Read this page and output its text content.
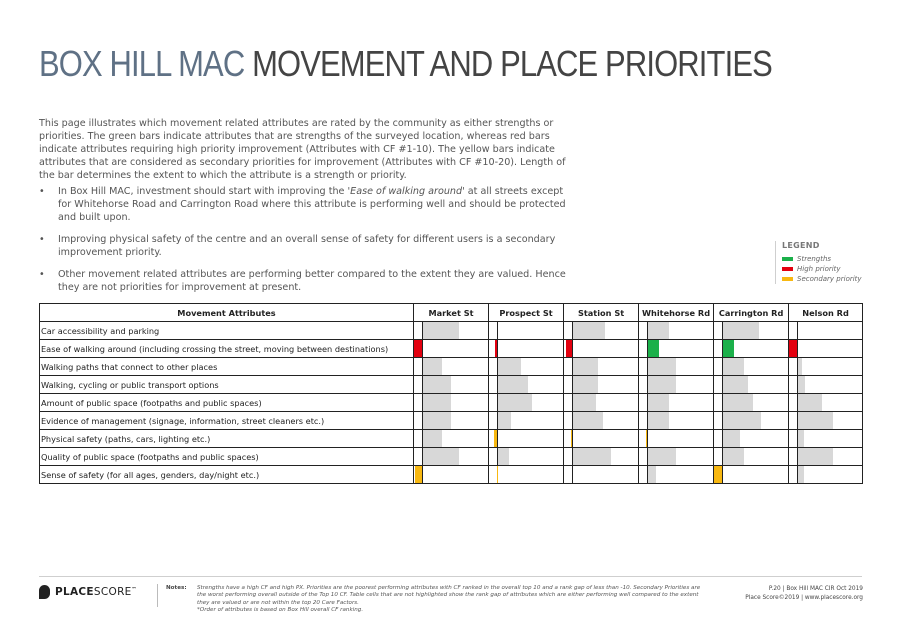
BOX HILL MAC MOVEMENT AND PLACE PRIORITIES

This page illustrates which movement related attributes are rated by the community as either strengths or priorities. The green bars indicate attributes that are strengths of the surveyed location, whereas red bars indicate attributes requiring high priority improvement (Attributes with CF #1-10). The yellow bars indicate attributes that are considered as secondary priorities for improvement (Attributes with CF #10-20). Length of the bar determines the extent to which the attribute is a strength or priority.

• In Box Hill MAC, investment should start with improving the 'Ease of walking around' at all streets except for Whitehorse Road and Carrington Road where this attribute is performing well and should be protected and built upon.
• Improving physical safety of the centre and an overall sense of safety for different users is a secondary improvement priority.
• Other movement related attributes are performing better compared to the extent they are valued. Hence they are not priorities for improvement at present.
LEGEND
Strengths
High priority
Secondary priority
Movement Attributes	Market St		Prospect St		Station St		Whitehorse Rd		Carrington Rd		Nelson Rd	
Car accessibility and parking		

Ease of walking around (including crossing the street, moving between destinations)	

Walking paths that connect to other places		

Walking, cycling or public transport options		

Amount of public space (footpaths and public spaces)		

Evidence of management (signage, information, street cleaners etc.)		

Physical safety (paths, cars, lighting etc.)		

Quality of public space (footpaths and public spaces)		

Sense of safety (for all ages, genders, day/night etc.)	

PLACESCORE™	Notes: Strengths have a high CF and high PX. Priorities are the poorest performing attributes with CF ranked in the overall top 10 and a rank gap of less than -10. Secondary Priorities are the worst performing overall outside of the Top 10 CF. Table cells that are not highlighted show the rank gap of attributes which are either performing well compared to the extent they are valued or are not within the top 20 Care Factors.
*Order of attributes is based on Box Hill overall CF ranking.
P.20 | Box Hill MAC CIR Oct 2019
Place Score©2019 | www.placescore.org
